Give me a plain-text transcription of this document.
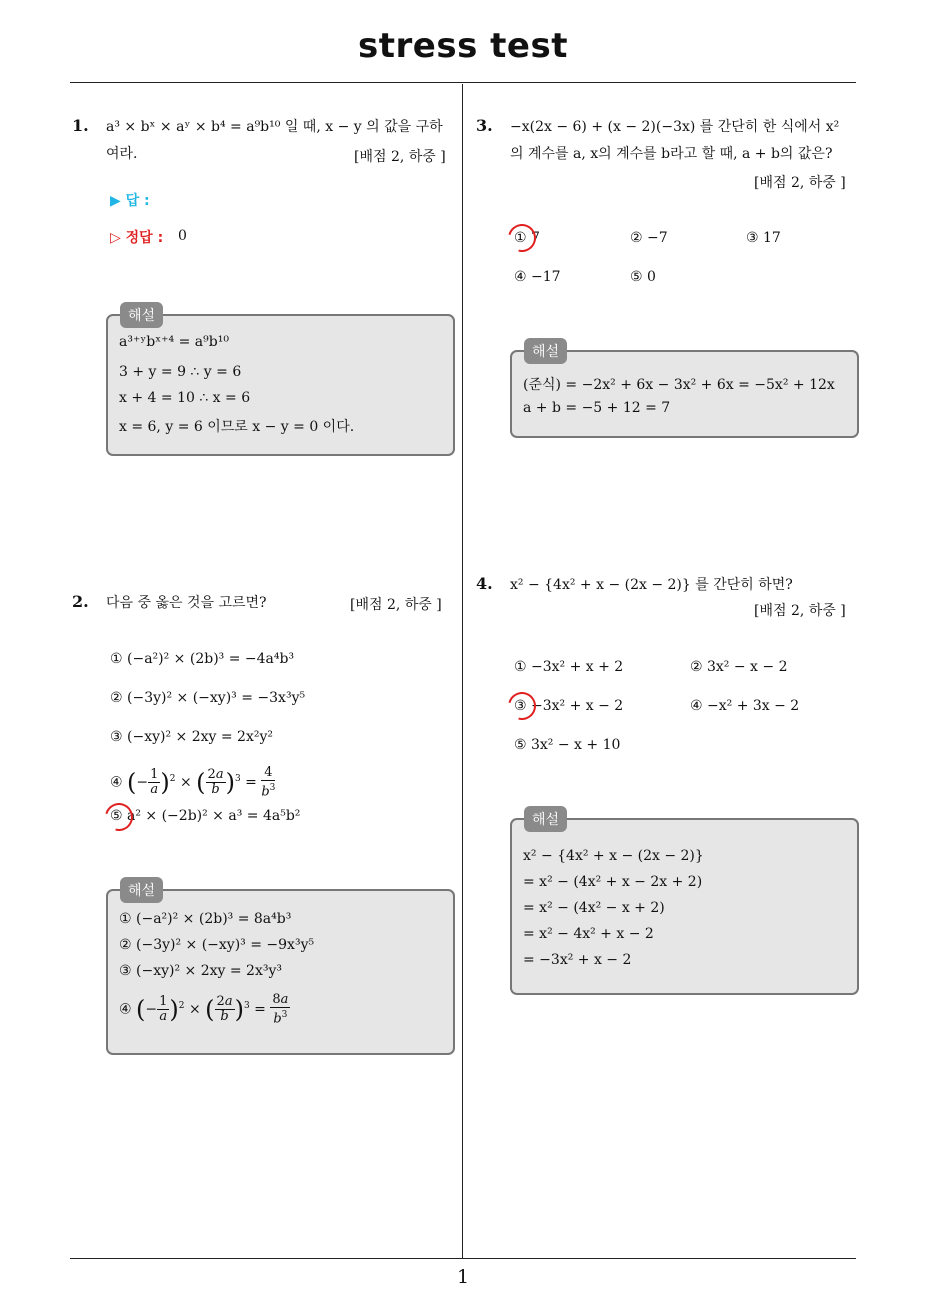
stress test
1
1. a³ × bˣ × aʸ × b⁴ = a⁹b¹⁰ 일 때, x − y 의 값을 구하
여라.	[배점 2, 하중 ]
▶ 답 :
▷ 정답 : 0
해설
a³⁺ʸbˣ⁺⁴ = a⁹b¹⁰
3 + y = 9 ∴ y = 6
x + 4 = 10 ∴ x = 6
x = 6, y = 6 이므로 x − y = 0 이다.
2. 다음 중 옳은 것을 고르면?	[배점 2, 하중 ]
① (−a²)² × (2b)³ = −4a⁴b³
② (−3y)² × (−xy)³ = −3x³y⁵
③ (−xy)² × 2xy = 2x²y²
④ (− $\frac{1}{a} )^2$ × ( $\frac{2a}{b} )^3 = \frac{4}{b^3}$
⑤ a² × (−2b)² × a³ = 4a⁵b²
해설
① (−a²)² × (2b)³ = 8a⁴b³
② (−3y)² × (−xy)³ = −9x³y⁵
③ (−xy)² × 2xy = 2x³y³
④ (− $\frac{1}{a} )^2$ × ( $\frac{2a}{b} )^3 = \frac{8a}{b^3}$
3. −x(2x − 6) + (x − 2)(−3x) 를 간단히 한 식에서 x²
의 계수를 a, x의 계수를 b라고 할 때, a + b의 값은?
[배점 2, 하중 ]
① 7	② −7	③ 17
④ −17	⑤ 0
해설
(준식) = −2x² + 6x − 3x² + 6x = −5x² + 12x
a + b = −5 + 12 = 7
4. x² − {4x² + x − (2x − 2)} 를 간단히 하면?
[배점 2, 하중 ]
① −3x² + x + 2	② 3x² − x − 2
③ −3x² + x − 2	④ −x² + 3x − 2
⑤ 3x² − x + 10
해설
x² − {4x² + x − (2x − 2)}
= x² − (4x² + x − 2x + 2)
= x² − (4x² − x + 2)
= x² − 4x² + x − 2
= −3x² + x − 2
